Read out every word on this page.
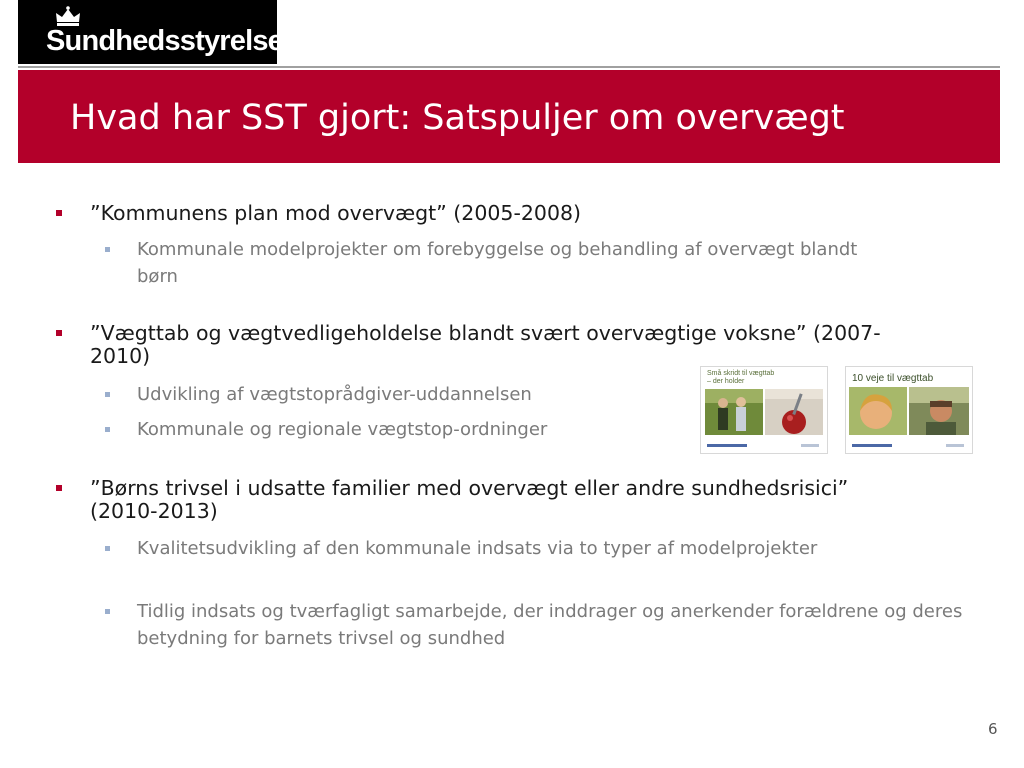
Sundhedsstyrelsen
Hvad har SST gjort: Satspuljer om overvægt
”Kommunens plan mod overvægt” (2005-2008)
Kommunale modelprojekter om forebyggelse og behandling af overvægt blandt børn
”Vægttab og vægtvedligeholdelse blandt svært overvægtige voksne” (2007-2010)
Udvikling af vægtstoprådgiver-uddannelsen
Kommunale og regionale vægtstop-ordninger
”Børns trivsel i udsatte familier med overvægt eller andre sundhedsrisici” (2010-2013)
Kvalitetsudvikling af den kommunale indsats via to typer af modelprojekter
Tidlig indsats og tværfagligt samarbejde, der inddrager og anerkender forældrene og deres betydning for barnets trivsel og sundhed
Små skridt til vægttab – der holder	10 veje til vægttab
6
